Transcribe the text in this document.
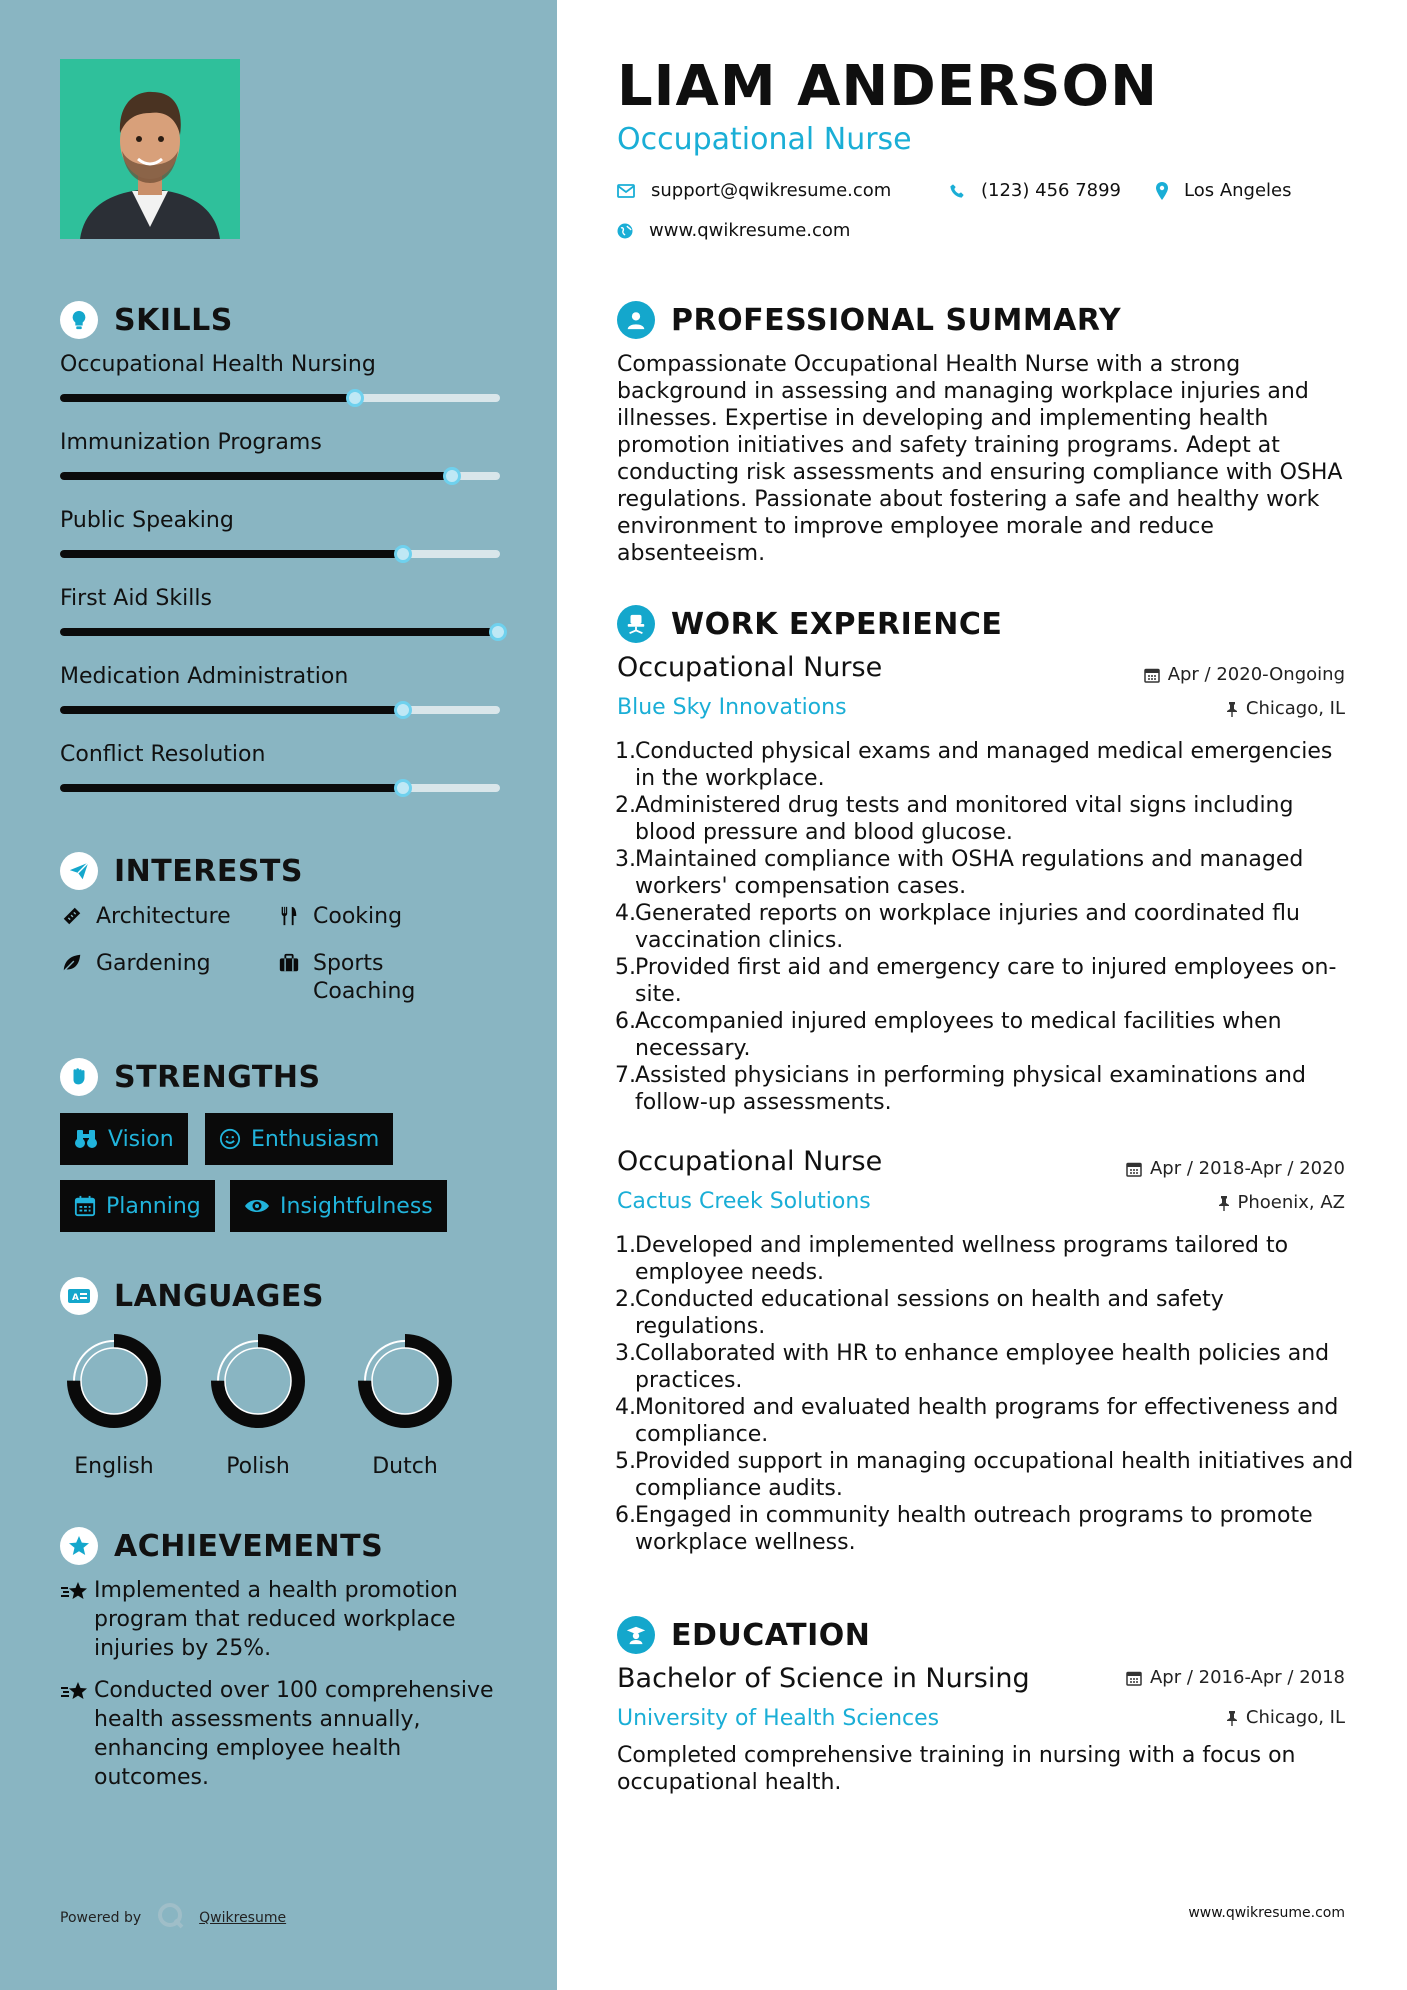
SKILLS
Occupational Health Nursing
Immunization Programs
Public Speaking
First Aid Skills
Medication Administration
Conflict Resolution
INTERESTS
Architecture	Cooking
Gardening	Sports Coaching
STRENGTHS
Vision	Enthusiasm
Planning	Insightfulness
A LANGUAGES
English	Polish	Dutch
ACHIEVEMENTS
Implemented a health promotion program that reduced workplace injuries by 25%.
Conducted over 100 comprehensive health assessments annually, enhancing employee health outcomes.
Powered by	Qwikresume
LIAM ANDERSON
Occupational Nurse
support@qwikresume.com	(123) 456 7899	Los Angeles
www.qwikresume.com
PROFESSIONAL SUMMARY
Compassionate Occupational Health Nurse with a strong background in assessing and managing workplace injuries and illnesses. Expertise in developing and implementing health promotion initiatives and safety training programs. Adept at conducting risk assessments and ensuring compliance with OSHA regulations. Passionate about fostering a safe and healthy work environment to improve employee morale and reduce absenteeism.
WORK EXPERIENCE
Occupational Nurse
Blue Sky Innovations
Apr / 2020-Ongoing
Chicago, IL
1. Conducted physical exams and managed medical emergencies in the workplace.
2. Administered drug tests and monitored vital signs including blood pressure and blood glucose.
3. Maintained compliance with OSHA regulations and managed workers' compensation cases.
4. Generated reports on workplace injuries and coordinated flu vaccination clinics.
5. Provided first aid and emergency care to injured employees on-site.
6. Accompanied injured employees to medical facilities when necessary.
7. Assisted physicians in performing physical examinations and follow-up assessments.
Occupational Nurse
Cactus Creek Solutions
Apr / 2018-Apr / 2020
Phoenix, AZ
1. Developed and implemented wellness programs tailored to employee needs.
2. Conducted educational sessions on health and safety regulations.
3. Collaborated with HR to enhance employee health policies and practices.
4. Monitored and evaluated health programs for effectiveness and compliance.
5. Provided support in managing occupational health initiatives and compliance audits.
6. Engaged in community health outreach programs to promote workplace wellness.
EDUCATION
Bachelor of Science in Nursing
University of Health Sciences
Apr / 2016-Apr / 2018
Chicago, IL
Completed comprehensive training in nursing with a focus on occupational health.
www.qwikresume.com
